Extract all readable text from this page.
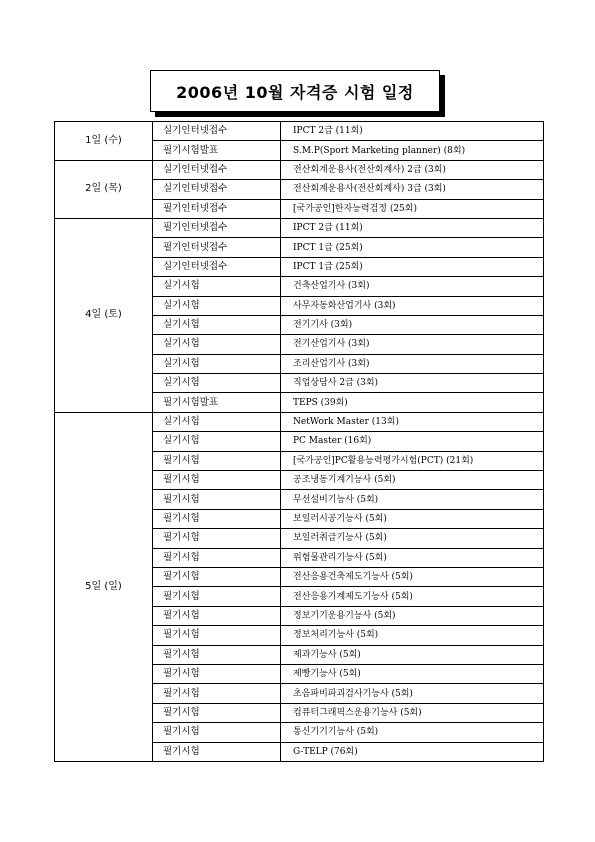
2006년 10월 자격증 시험 일정
1일 (수)	실기인터넷접수	IPCT 2급 (11회)
	필기시험발표	S.M.P(Sport Marketing planner) (8회)
2일 (목)	실기인터넷접수	전산회계운용사(전산회계사) 2급 (3회)
	실기인터넷접수	전산회계운용사(전산회계사) 3급 (3회)
	필기인터넷접수	[국가공인]한자능력검정 (25회)
4일 (토)	필기인터넷접수	IPCT 2급 (11회)
	필기인터넷접수	IPCT 1급 (25회)
	실기인터넷접수	IPCT 1급 (25회)
	실기시험	건축산업기사 (3회)
	실기시험	사무자동화산업기사 (3회)
	실기시험	전기기사 (3회)
	실기시험	전기산업기사 (3회)
	실기시험	조리산업기사 (3회)
	실기시험	직업상담사 2급 (3회)
	필기시험발표	TEPS (39회)
5일 (일)	실기시험	NetWork Master (13회)
	실기시험	PC Master (16회)
	필기시험	[국가공인]PC활용능력평가시험(PCT) (21회)
	필기시험	공조냉동기계기능사 (5회)
	필기시험	무선설비기능사 (5회)
	필기시험	보일러시공기능사 (5회)
	필기시험	보일러취급기능사 (5회)
	필기시험	위험물관리기능사 (5회)
	필기시험	전산응용건축제도기능사 (5회)
	필기시험	전산응용기계제도기능사 (5회)
	필기시험	정보기기운용기능사 (5회)
	필기시험	정보처리기능사 (5회)
	필기시험	제과기능사 (5회)
	필기시험	제빵기능사 (5회)
	필기시험	초음파비파괴검사기능사 (5회)
	필기시험	컴퓨터그래픽스운용기능사 (5회)
	필기시험	통신기기기능사 (5회)
	필기시험	G-TELP (76회)
